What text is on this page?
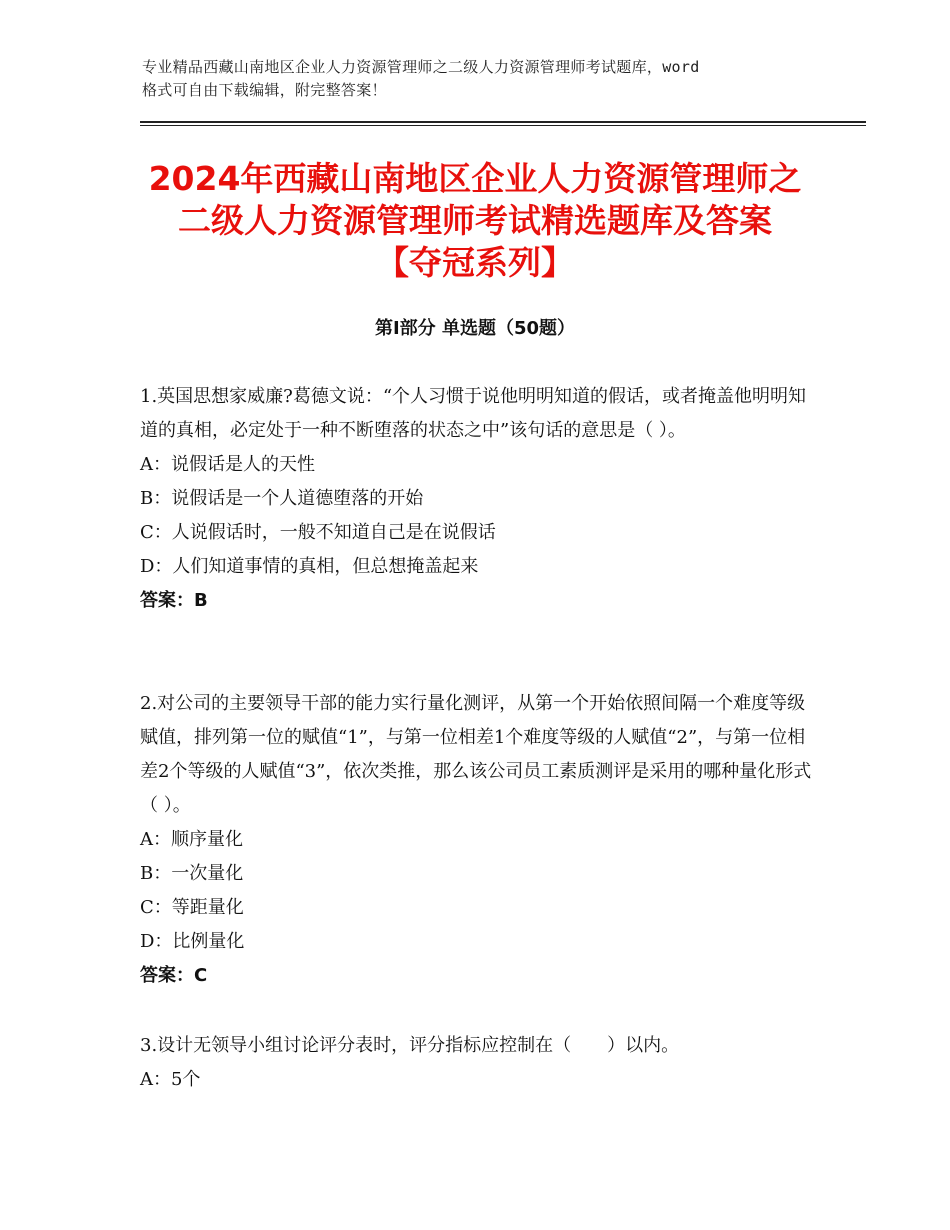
专业精品西藏山南地区企业人力资源管理师之二级人力资源管理师考试题库，word
格式可自由下载编辑，附完整答案！
2024年西藏山南地区企业人力资源管理师之
二级人力资源管理师考试精选题库及答案
【夺冠系列】
第Ⅰ部分 单选题（50题）
1.英国思想家威廉?葛德文说：“个人习惯于说他明明知道的假话，或者掩盖他明明知道的真相，必定处于一种不断堕落的状态之中”该句话的意思是（ ）。
A：说假话是人的天性
B：说假话是一个人道德堕落的开始
C：人说假话时，一般不知道自己是在说假话
D：人们知道事情的真相，但总想掩盖起来
答案：B
2.对公司的主要领导干部的能力实行量化测评，从第一个开始依照间隔一个难度等级赋值，排列第一位的赋值“1”，与第一位相差1个难度等级的人赋值“2”，与第一位相差2个等级的人赋值“3”，依次类推，那么该公司员工素质测评是采用的哪种量化形式（ ）。
A：顺序量化
B：一次量化
C：等距量化
D：比例量化
答案：C
3.设计无领导小组讨论评分表时，评分指标应控制在（　　）以内。
A：5个
